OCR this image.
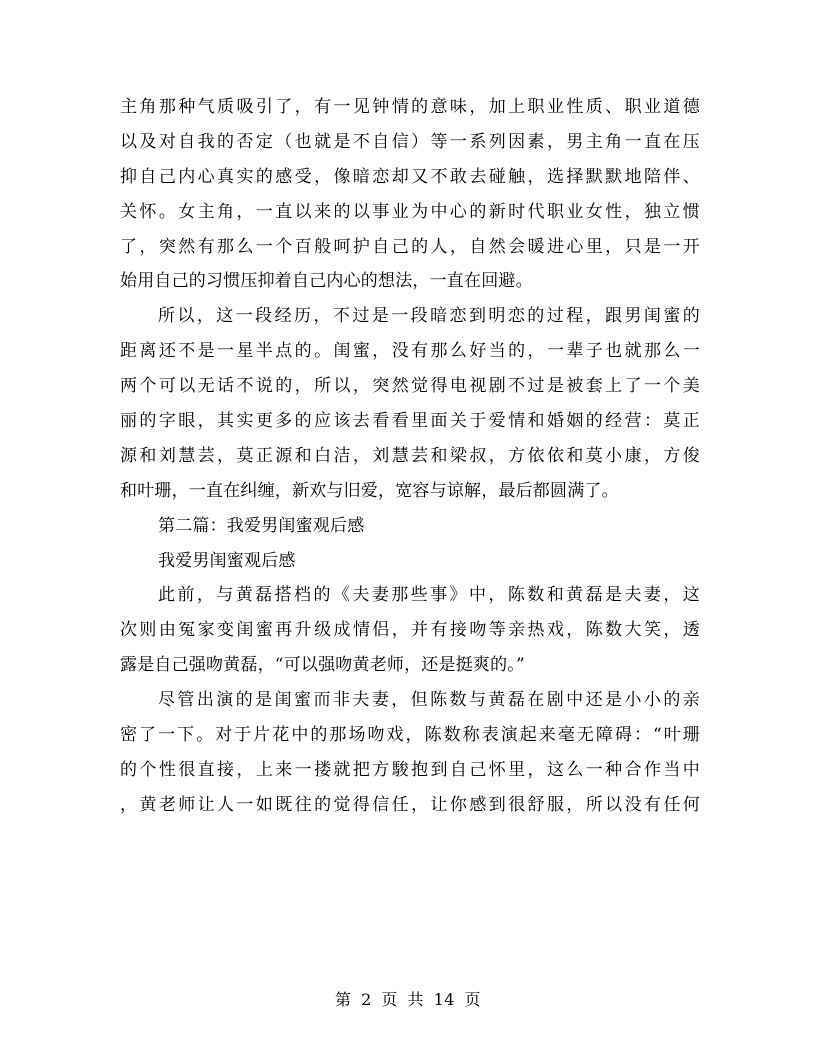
主角那种气质吸引了，有一见钟情的意味，加上职业性质、职业道德
以及对自我的否定（也就是不自信）等一系列因素，男主角一直在压
抑自己内心真实的感受，像暗恋却又不敢去碰触，选择默默地陪伴、
关怀。女主角，一直以来的以事业为中心的新时代职业女性，独立惯
了，突然有那么一个百般呵护自己的人，自然会暖进心里，只是一开
始用自己的习惯压抑着自己内心的想法，一直在回避。
所以，这一段经历，不过是一段暗恋到明恋的过程，跟男闺蜜的
距离还不是一星半点的。闺蜜，没有那么好当的，一辈子也就那么一
两个可以无话不说的，所以，突然觉得电视剧不过是被套上了一个美
丽的字眼，其实更多的应该去看看里面关于爱情和婚姻的经营：莫正
源和刘慧芸，莫正源和白洁，刘慧芸和梁叔，方依依和莫小康，方俊
和叶珊，一直在纠缠，新欢与旧爱，宽容与谅解，最后都圆满了。
第二篇：我爱男闺蜜观后感
我爱男闺蜜观后感
此前，与黄磊搭档的《夫妻那些事》中，陈数和黄磊是夫妻，这
次则由冤家变闺蜜再升级成情侣，并有接吻等亲热戏，陈数大笑，透
露是自己强吻黄磊，“可以强吻黄老师，还是挺爽的。”
尽管出演的是闺蜜而非夫妻，但陈数与黄磊在剧中还是小小的亲
密了一下。对于片花中的那场吻戏，陈数称表演起来毫无障碍：“叶珊
的个性很直接，上来一搂就把方駿抱到自己怀里，这么一种合作当中
，黄老师让人一如既往的觉得信任，让你感到很舒服，所以没有任何
第 2 页 共 14 页
